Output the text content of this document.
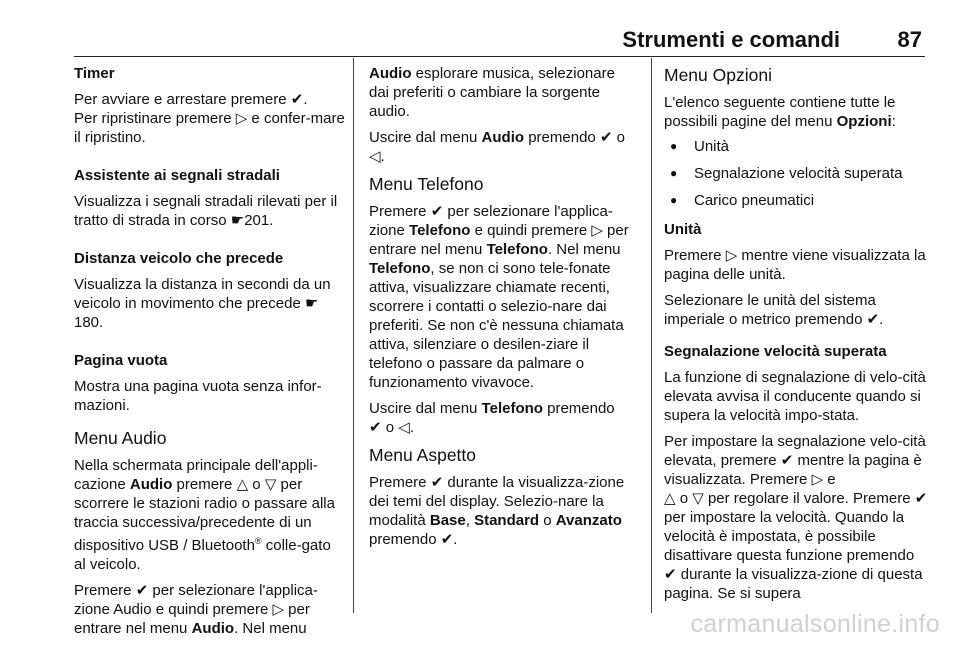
Strumenti e comandi	87

Timer

Per avviare e arrestare premere ✔.

Per ripristinare premere ▷ e confer-mare il ripristino.

Assistente ai segnali stradali

Visualizza i segnali stradali rilevati per il tratto di strada in corso ☛201.

Distanza veicolo che precede

Visualizza la distanza in secondi da un veicolo in movimento che precede ☛180.

Pagina vuota

Mostra una pagina vuota senza infor-mazioni.

Menu Audio

Nella schermata principale dell'appli-cazione Audio premere △ o ▽ per scorrere le stazioni radio o passare alla traccia successiva/precedente di un dispositivo USB / Bluetooth® colle-gato al veicolo.

Premere ✔ per selezionare l'applica-zione Audio e quindi premere ▷ per entrare nel menu Audio. Nel menu

Audio esplorare musica, selezionare dai preferiti o cambiare la sorgente audio.

Uscire dal menu Audio premendo ✔ o ◁.

Menu Telefono

Premere ✔ per selezionare l'applica-zione Telefono e quindi premere ▷ per entrare nel menu Telefono. Nel menu Telefono, se non ci sono tele-fonate attiva, visualizzare chiamate recenti, scorrere i contatti o selezio-nare dai preferiti. Se non c'è nessuna chiamata attiva, silenziare o desilen-ziare il telefono o passare da palmare o funzionamento vivavoce.

Uscire dal menu Telefono premendo
✔ o ◁.

Menu Aspetto

Premere ✔ durante la visualizza-zione dei temi del display. Selezio-nare la modalità Base, Standard o Avanzato premendo ✔.

Menu Opzioni

L'elenco seguente contiene tutte le possibili pagine del menu Opzioni:

● Unità
● Segnalazione velocità superata
● Carico pneumatici

Unità

Premere ▷ mentre viene visualizzata la pagina delle unità.

Selezionare le unità del sistema imperiale o metrico premendo ✔.

Segnalazione velocità superata

La funzione di segnalazione di velo-cità elevata avvisa il conducente quando si supera la velocità impo-stata.

Per impostare la segnalazione velo-cità elevata, premere ✔ mentre la pagina è visualizzata. Premere ▷ e
△ o ▽ per regolare il valore. Premere ✔ per impostare la velocità. Quando la velocità è impostata, è possibile disattivare questa funzione premendo ✔ durante la visualizza-zione di questa pagina. Se si supera

carmanualsonline.info
